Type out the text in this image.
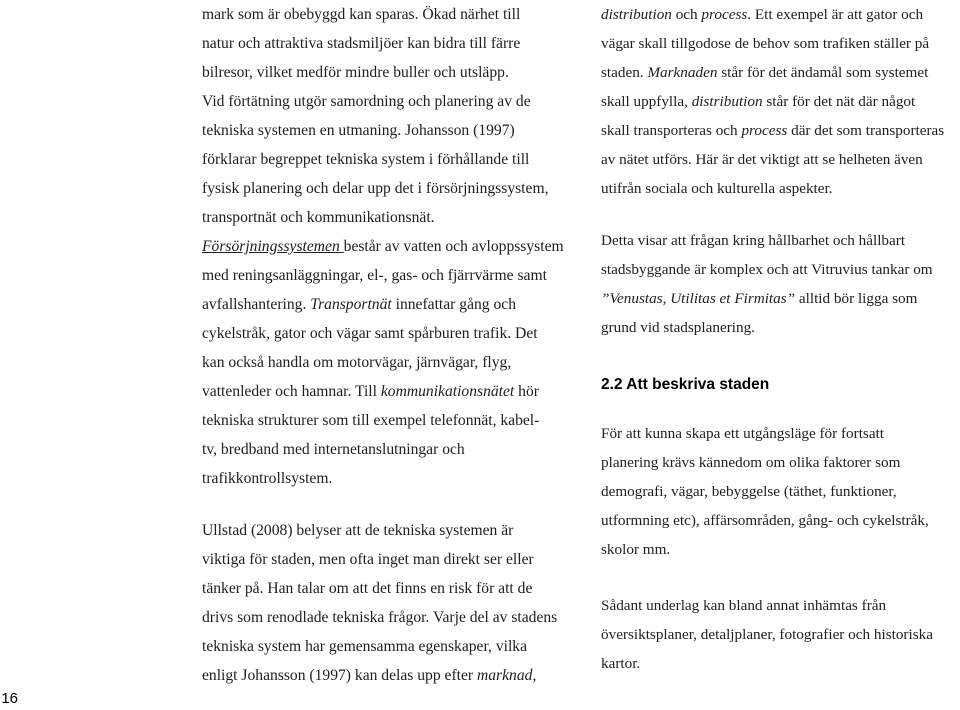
mark som är obebyggd kan sparas. Ökad närhet till
natur och attraktiva stadsmiljöer kan bidra till färre
bilresor, vilket medför mindre buller och utsläpp.
Vid förtätning utgör samordning och planering av de
tekniska systemen en utmaning. Johansson (1997)
förklarar begreppet tekniska system i förhållande till
fysisk planering och delar upp det i försörjningssystem,
transportnät och kommunikationsnät.
Försörjningssystemen består av vatten och avloppssystem
med reningsanläggningar, el-, gas- och fjärrvärme samt
avfallshantering. Transportnät innefattar gång och
cykelstråk, gator och vägar samt spårburen trafik. Det
kan också handla om motorvägar, järnvägar, flyg,
vattenleder och hamnar. Till kommunikationsnätet hör
tekniska strukturer som till exempel telefonnät, kabel-
tv, bredband med internetanslutningar och
trafikkontrollsystem.
Ullstad (2008) belyser att de tekniska systemen är
viktiga för staden, men ofta inget man direkt ser eller
tänker på. Han talar om att det finns en risk för att de
drivs som renodlade tekniska frågor. Varje del av stadens
tekniska system har gemensamma egenskaper, vilka
enligt Johansson (1997) kan delas upp efter marknad,
2.2 Att beskriva staden
distribution och process. Ett exempel är att gator och
vägar skall tillgodose de behov som trafiken ställer på
staden. Marknaden står för det ändamål som systemet
skall uppfylla, distribution står för det nät där något
skall transporteras och process där det som transporteras
av nätet utförs. Här är det viktigt att se helheten även
utifrån sociala och kulturella aspekter.
Detta visar att frågan kring hållbarhet och hållbart
stadsbyggande är komplex och att Vitruvius tankar om
”Venustas, Utilitas et Firmitas” alltid bör ligga som
grund vid stadsplanering.
För att kunna skapa ett utgångsläge för fortsatt
planering krävs kännedom om olika faktorer som
demografi, vägar, bebyggelse (täthet, funktioner,
utformning etc), affärsområden, gång- och cykelstråk,
skolor mm.
Sådant underlag kan bland annat inhämtas från
översiktsplaner, detaljplaner, fotografier och historiska
kartor.
16
